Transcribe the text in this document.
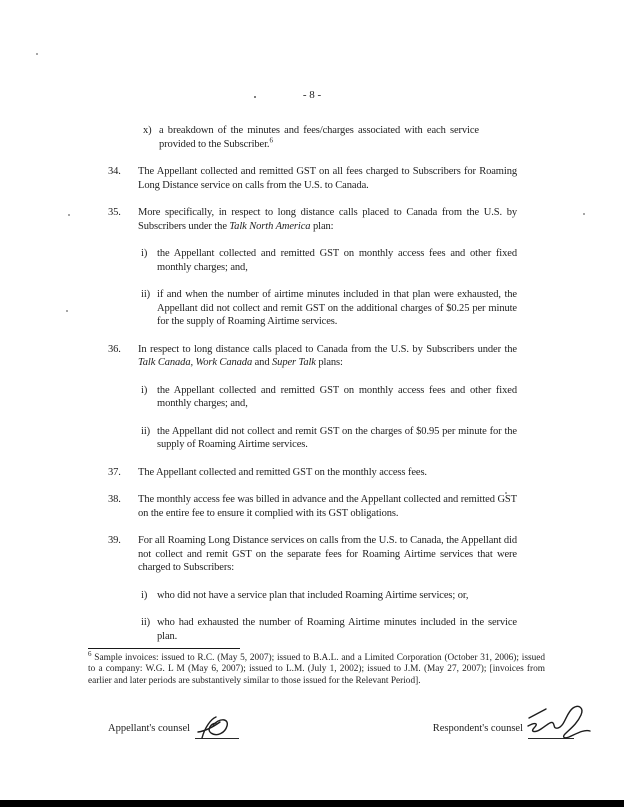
- 8 -
x) a breakdown of the minutes and fees/charges associated with each service provided to the Subscriber.$^6$
34.	The Appellant collected and remitted GST on all fees charged to Subscribers for Roaming Long Distance service on calls from the U.S. to Canada.
35.	More specifically, in respect to long distance calls placed to Canada from the U.S. by Subscribers under the Talk North America plan:
i) the Appellant collected and remitted GST on monthly access fees and other fixed monthly charges; and,
ii) if and when the number of airtime minutes included in that plan were exhausted, the Appellant did not collect and remit GST on the additional charges of $0.25 per minute for the supply of Roaming Airtime services.
36.	In respect to long distance calls placed to Canada from the U.S. by Subscribers under the Talk Canada, Work Canada and Super Talk plans:
i) the Appellant collected and remitted GST on monthly access fees and other fixed monthly charges; and,
ii) the Appellant did not collect and remit GST on the charges of $0.95 per minute for the supply of Roaming Airtime services.
37.	The Appellant collected and remitted GST on the monthly access fees.
38.	The monthly access fee was billed in advance and the Appellant collected and remitted GST on the entire fee to ensure it complied with its GST obligations.
39.	For all Roaming Long Distance services on calls from the U.S. to Canada, the Appellant did not collect and remit GST on the separate fees for Roaming Airtime services that were charged to Subscribers:
i) who did not have a service plan that included Roaming Airtime services; or,
ii) who had exhausted the number of Roaming Airtime minutes included in the service plan.
$^6$ Sample invoices: issued to R.C. (May 5, 2007); issued to B.A.L. and a Limited Corporation (October 31, 2006); issued to a company: W.G. L M (May 6, 2007); issued to L.M. (July 1, 2002); issued to J.M. (May 27, 2007); [invoices from earlier and later periods are substantively similar to those issued for the Relevant Period].
Appellant's counsel	Respondent's counsel
